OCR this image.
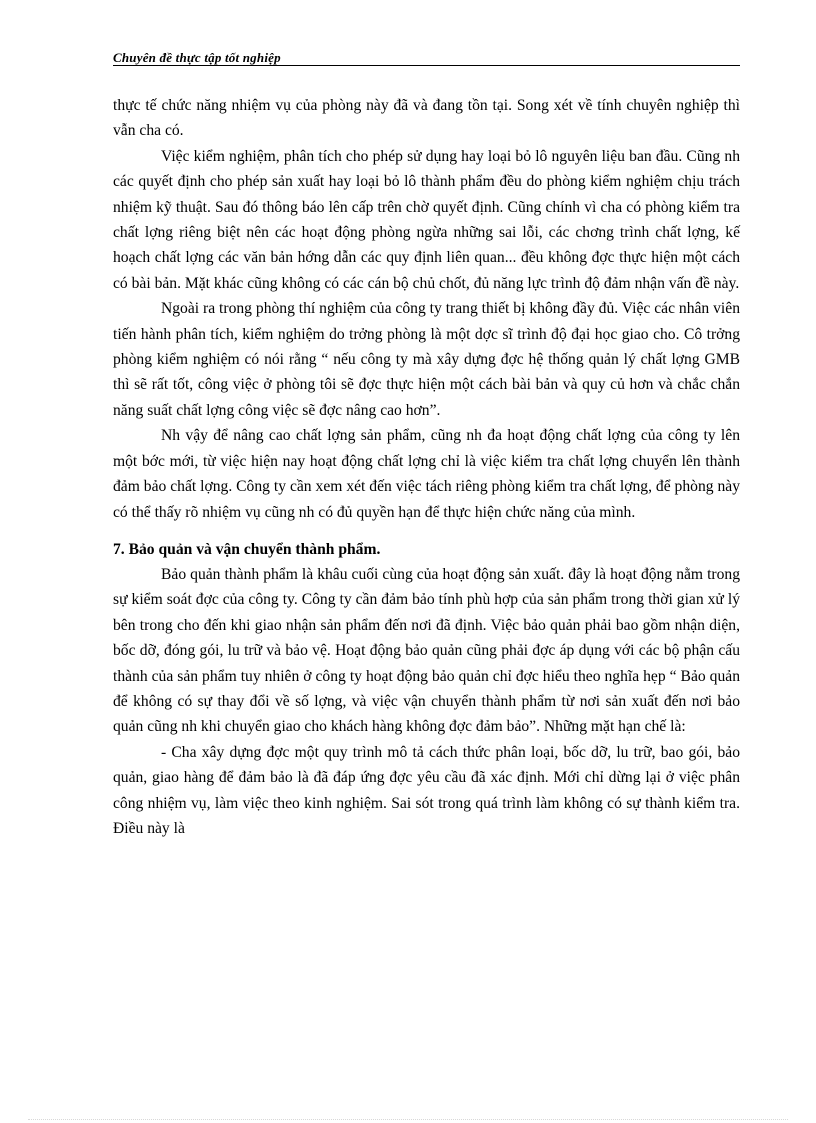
Chuyên đề thực tập tốt nghiệp

thực tế chức năng nhiệm vụ của phòng này đã và đang tồn tại. Song xét về tính chuyên nghiệp thì vẫn cha có.

Việc kiểm nghiệm, phân tích cho phép sử dụng hay loại bỏ lô nguyên liệu ban đầu. Cũng nh các quyết định cho phép sản xuất hay loại bỏ lô thành phẩm đều do phòng kiểm nghiệm chịu trách nhiệm kỹ thuật. Sau đó thông báo lên cấp trên chờ quyết định. Cũng chính vì cha có phòng kiểm tra chất lợng riêng biệt nên các hoạt động phòng ngừa những sai lỗi, các chơng trình chất lợng, kế hoạch chất lợng các văn bản hớng dẫn các quy định liên quan... đều không đợc thực hiện một cách có bài bản. Mặt khác cũng không có các cán bộ chủ chốt, đủ năng lực trình độ đảm nhận vấn đề này.

Ngoài ra trong phòng thí nghiệm của công ty trang thiết bị không đầy đủ. Việc các nhân viên tiến hành phân tích, kiểm nghiệm do trởng phòng là một dợc sĩ trình độ đại học giao cho. Cô trởng phòng kiểm nghiệm có nói rằng “ nếu công ty mà xây dựng đợc hệ thống quản lý chất lợng GMB thì sẽ rất tốt, công việc ở phòng tôi sẽ đợc thực hiện một cách bài bản và quy củ hơn và chắc chắn năng suất chất lợng công việc sẽ đợc nâng cao hơn”.

Nh vậy để nâng cao chất lợng sản phẩm, cũng nh đa hoạt động chất lợng của công ty lên một bớc mới, từ việc hiện nay hoạt động chất lợng chỉ là việc kiểm tra chất lợng chuyển lên thành đảm bảo chất lợng. Công ty cần xem xét đến việc tách riêng phòng kiểm tra chất lợng, để phòng này có thể thấy rõ nhiệm vụ cũng nh có đủ quyền hạn để thực hiện chức năng của mình.

7. Bảo quản và vận chuyển thành phẩm.

Bảo quản thành phẩm là khâu cuối cùng của hoạt động sản xuất. đây là hoạt động nằm trong sự kiểm soát đợc của công ty. Công ty cần đảm bảo tính phù hợp của sản phẩm trong thời gian xử lý bên trong cho đến khi giao nhận sản phẩm đến nơi đã định. Việc bảo quản phải bao gồm nhận diện, bốc dỡ, đóng gói, lu trữ và bảo vệ. Hoạt động bảo quản cũng phải đợc áp dụng với các bộ phận cấu thành của sản phẩm tuy nhiên ở công ty hoạt động bảo quản chỉ đợc hiểu theo nghĩa hẹp “ Bảo quản để không có sự thay đổi về số lợng, và việc vận chuyển thành phẩm từ nơi sản xuất đến nơi bảo quản cũng nh khi chuyển giao cho khách hàng không đợc đảm bảo”. Những mặt hạn chế là:

- Cha xây dựng đợc một quy trình mô tả cách thức phân loại, bốc dỡ, lu trữ, bao gói, bảo quản, giao hàng để đảm bảo là đã đáp ứng đợc yêu cầu đã xác định. Mới chỉ dừng lại ở việc phân công nhiệm vụ, làm việc theo kinh nghiệm. Sai sót trong quá trình làm không có sự thành kiểm tra. Điều này là
